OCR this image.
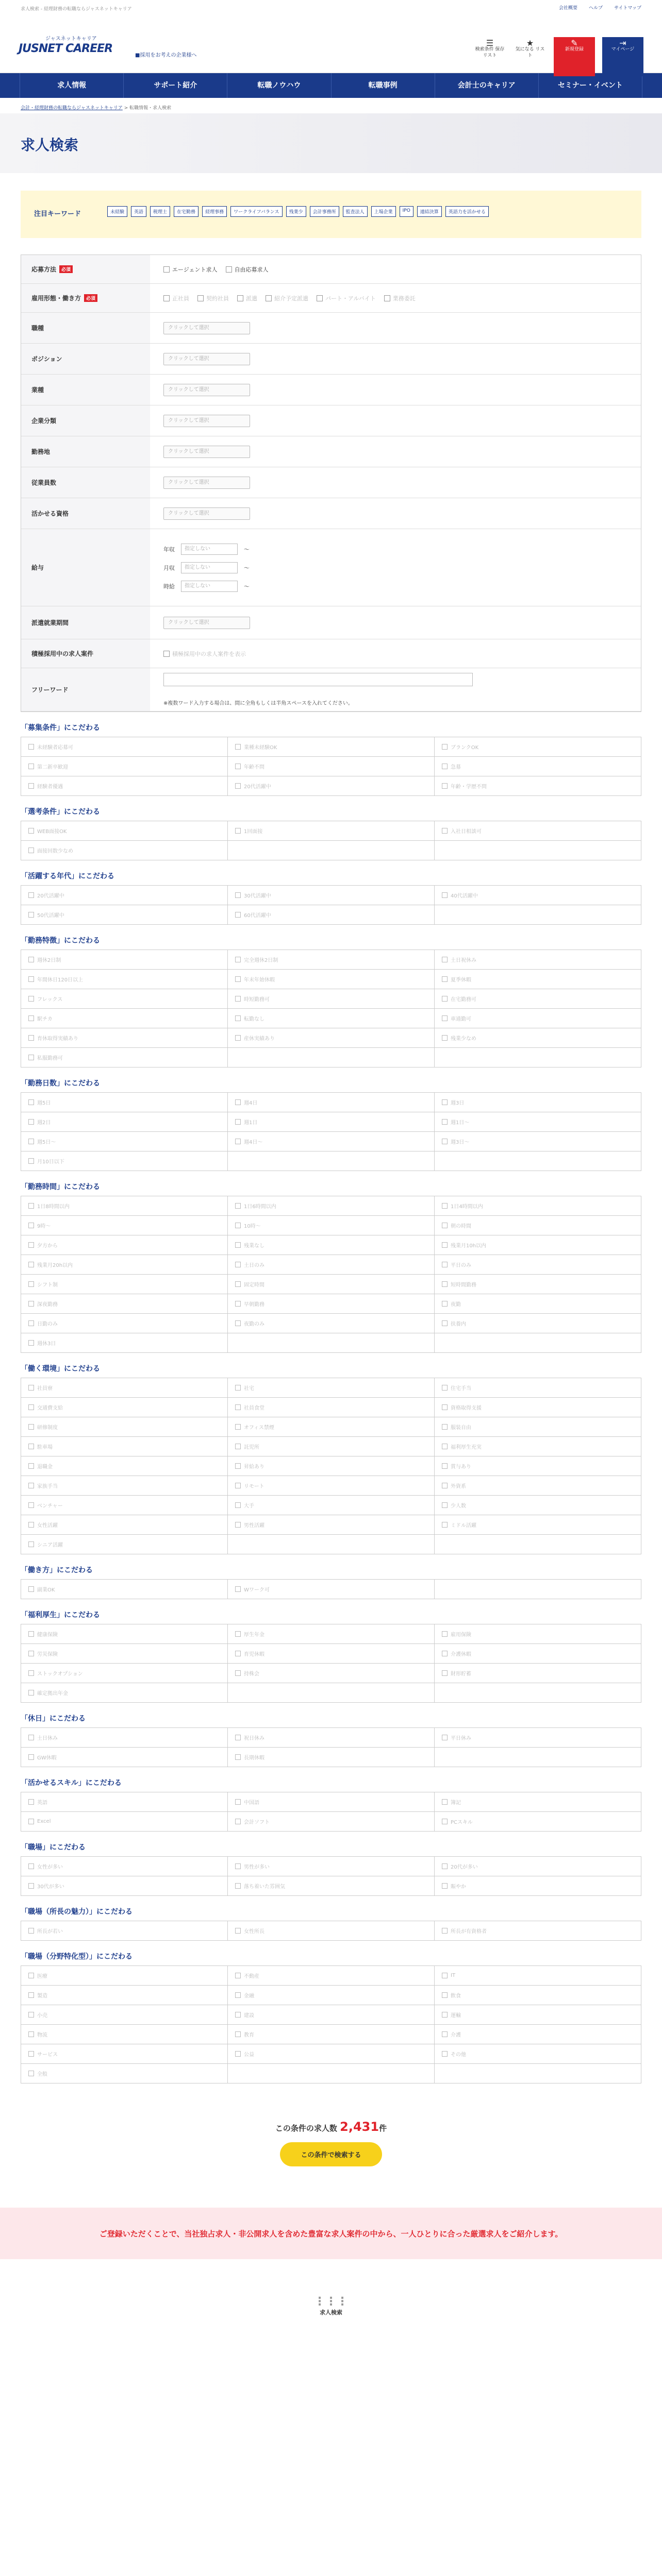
求人検索 - 経理財務の転職ならジャスネットキャリア	会社概要 ヘルプ サイトマップ
ジャスネットキャリア
JUSNET CAREER
■採用をお考えの企業様へ
☰
検索条件 保存リスト
★
気になる リスト
✎
新規登録
⇥
マイページ
求人情報	サポート紹介	転職ノウハウ	転職事例	会計士のキャリア	セミナー・イベント
会計・経理財務の転職ならジャスネットキャリア > 転職情報・求人検索
求人検索
注目キーワード	未経験	英語	税理士	在宅勤務	経理事務	ワークライフバランス	残業少	会計事務所	監査法人	上場企業	IPO	連結決算	英語力を活かせる
応募方法	必須	エージェント求人	自由応募求人
雇用形態・働き方	必須	正社員	契約社員	派遣	紹介予定派遣	パート・アルバイト	業務委託
職種	クリックして選択
ポジション	クリックして選択
業種	クリックして選択
企業分類	クリックして選択
勤務地	クリックして選択
従業員数	クリックして選択
活かせる資格	クリックして選択
給与
年収	指定しない	〜
月収	指定しない	〜
時給	指定しない	〜
派遣就業期間	クリックして選択
積極採用中の求人案件	積極採用中の求人案件を表示
フリーワード
※複数ワード入力する場合は、間に全角もしくは半角スペースを入れてください。
「募集条件」にこだわる
未経験者応募可	業種未経験OK	ブランクOK
第二新卒歓迎	年齢不問	急募
経験者優遇	20代活躍中	年齢・学歴不問
「選考条件」にこだわる
WEB面接OK	1回面接	入社日相談可
面接回数少なめ
「活躍する年代」にこだわる
20代活躍中	30代活躍中	40代活躍中
50代活躍中	60代活躍中
「勤務特徴」にこだわる
週休2日制	完全週休2日制	土日祝休み
年間休日120日以上	年末年始休暇	夏季休暇
フレックス	時短勤務可	在宅勤務可
駅チカ	転勤なし	車通勤可
育休取得実績あり	産休実績あり	残業少なめ
私服勤務可
「勤務日数」にこだわる
週5日	週4日	週3日
週2日	週1日	週1日〜
週5日〜	週4日〜	週3日〜
月10日以下
「勤務時間」にこだわる
1日8時間以内	1日6時間以内	1日4時間以内
9時〜	10時〜	朝の時間
夕方から	残業なし	残業月10h以内
残業月20h以内	土日のみ	平日のみ
シフト制	固定時間	短時間勤務
深夜勤務	早朝勤務	夜勤
日勤のみ	夜勤のみ	扶養内
週休3日
「働く環境」にこだわる
社員寮	社宅	住宅手当
交通費支給	社員食堂	資格取得支援
研修制度	オフィス禁煙	服装自由
駐車場	託児所	福利厚生充実
退職金	昇給あり	賞与あり
家族手当	リモート	外資系
ベンチャー	大手	少人数
女性活躍	男性活躍	ミドル活躍
シニア活躍
「働き方」にこだわる
副業OK	Wワーク可
「福利厚生」にこだわる
健康保険	厚生年金	雇用保険
労災保険	育児休暇	介護休暇
ストックオプション	持株会	財形貯蓄
確定拠出年金
「休日」にこだわる
土日休み	祝日休み	平日休み
GW休暇	長期休暇
「活かせるスキル」にこだわる
英語	中国語	簿記
Excel	会計ソフト	PCスキル
「職場」にこだわる
女性が多い	男性が多い	20代が多い
30代が多い	落ち着いた雰囲気	賑やか
「職場（所長の魅力）」にこだわる
所長が若い	女性所長	所長が有資格者
「職場（分野特化型）」にこだわる
医療	不動産	IT
製造	金融	飲食
小売	建設	運輸
物流	教育	介護
サービス	公益	その他
全般
この条件の求人数 2,431件
この条件で検索する
ご登録いただくことで、当社独占求人・非公開求人を含めた豊富な求人案件の中から、一人ひとりに合った厳選求人をご紹介します。
⋮⋮⋮
求人検索
